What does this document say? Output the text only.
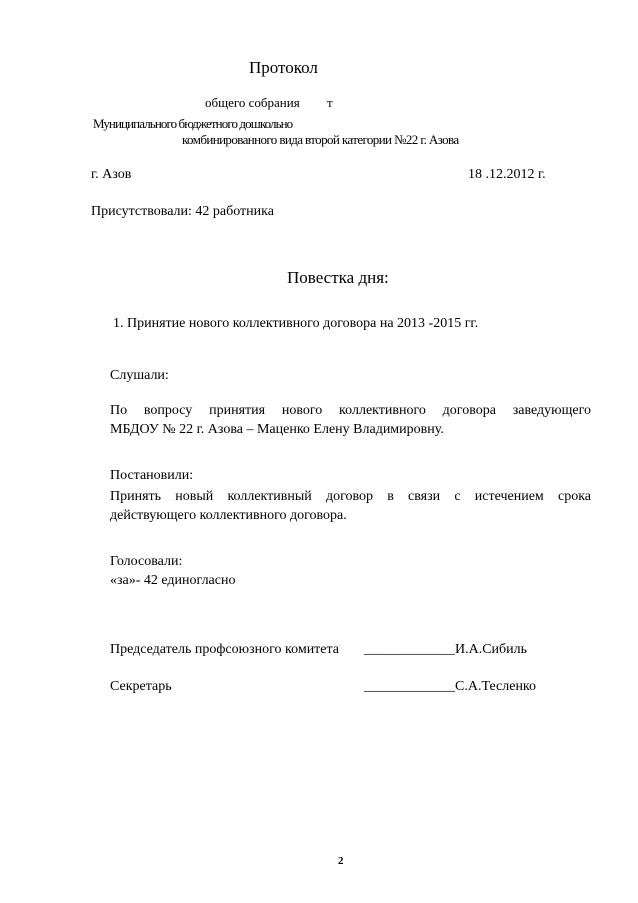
Протокол
общего собрания т
Муниципального бюджетного дошкольно
комбинированного вида второй категории №22 г. Азова
г. Азов	18 .12.2012 г.
Присутствовали: 42 работника
Повестка дня:
1. Принятие нового коллективного договора на 2013 -2015 гг.
Слушали:
По вопросу принятия нового коллективного договора заведующего
МБДОУ № 22 г. Азова – Маценко Елену Владимировну.
Постановили:
Принять новый коллективный договор в связи с истечением срока
действующего коллективного договора.
Голосовали:
«за»- 42 единогласно
Председатель профсоюзного комитета _____________И.А.Сибиль
Секретарь	_____________С.А.Тесленко
2
